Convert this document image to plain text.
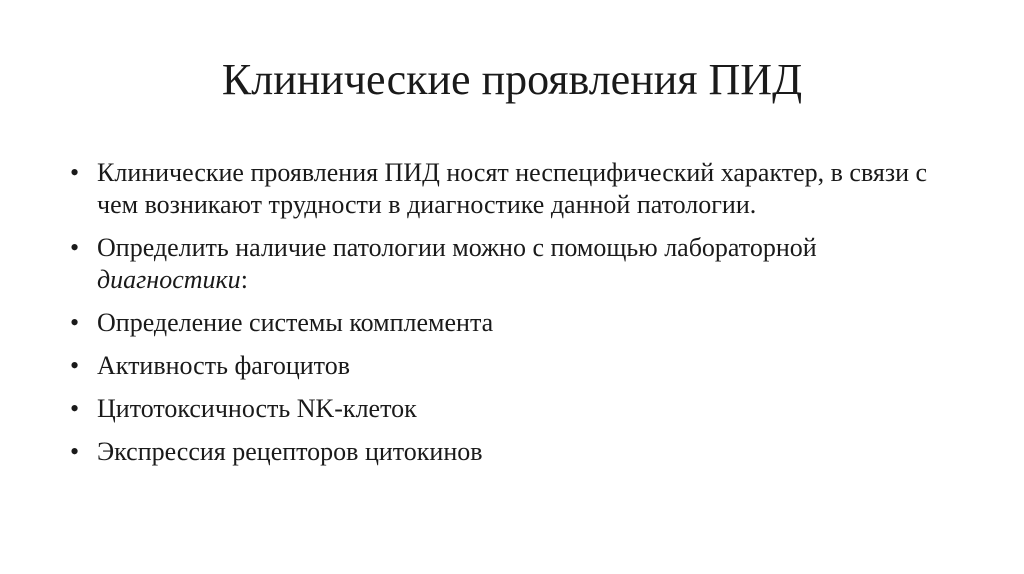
Клинические проявления ПИД
• Клинические проявления ПИД носят неспецифический характер, в связи с чем возникают трудности в диагностике данной патологии.
• Определить наличие патологии можно с помощью лабораторной диагностики:
• Определение системы комплемента
• Активность фагоцитов
• Цитотоксичность NK-клеток
• Экспрессия рецепторов цитокинов
